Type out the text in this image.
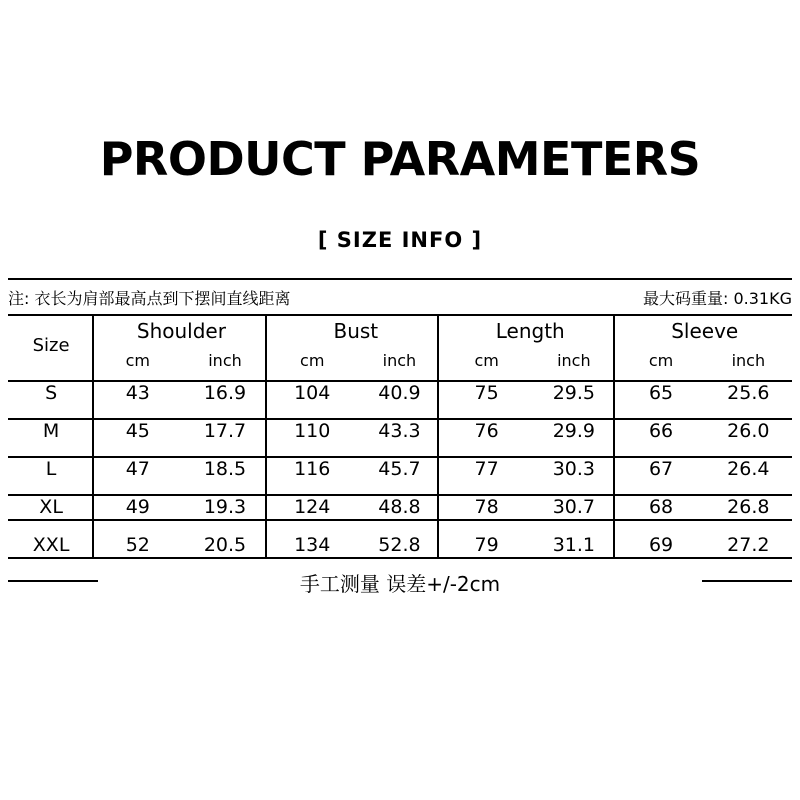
PRODUCT PARAMETERS
[ SIZE INFO ]
注: 衣长为肩部最高点到下摆间直线距离	最大码重量: 0.31KG
Size	Shoulder		Bust		Length		Sleeve	
	cm	inch	cm	inch	cm	inch	cm	inch
S	43	16.9	104	40.9	75	29.5	65	25.6
M	45	17.7	110	43.3	76	29.9	66	26.0
L	47	18.5	116	45.7	77	30.3	67	26.4
XL	49	19.3	124	48.8	78	30.7	68	26.8
XXL	52	20.5	134	52.8	79	31.1	69	27.2
手工测量 误差+/-2cm
